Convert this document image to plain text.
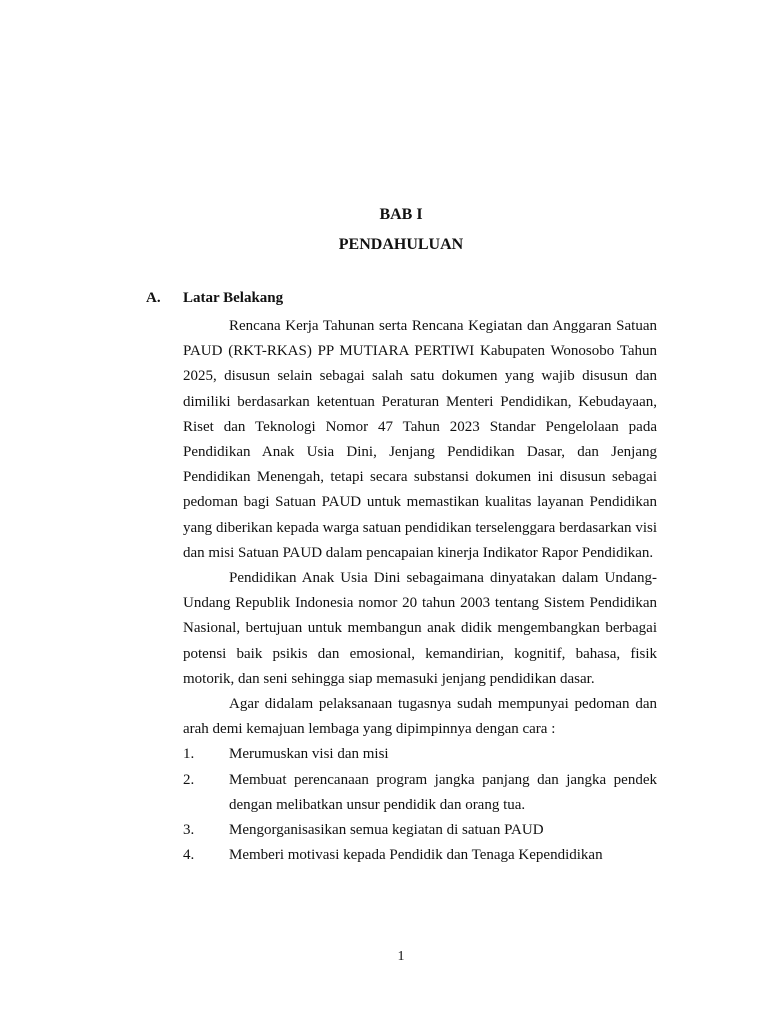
BAB I
PENDAHULUAN
A. Latar Belakang

Rencana Kerja Tahunan serta Rencana Kegiatan dan Anggaran Satuan PAUD (RKT-RKAS) PP MUTIARA PERTIWI Kabupaten Wonosobo Tahun 2025, disusun selain sebagai salah satu dokumen yang wajib disusun dan dimiliki berdasarkan ketentuan Peraturan Menteri Pendidikan, Kebudayaan, Riset dan Teknologi Nomor 47 Tahun 2023 Standar Pengelolaan pada Pendidikan Anak Usia Dini, Jenjang Pendidikan Dasar, dan Jenjang Pendidikan Menengah, tetapi secara substansi dokumen ini disusun sebagai pedoman bagi Satuan PAUD untuk memastikan kualitas layanan Pendidikan yang diberikan kepada warga satuan pendidikan terselenggara berdasarkan visi dan misi Satuan PAUD dalam pencapaian kinerja Indikator Rapor Pendidikan.

Pendidikan Anak Usia Dini sebagaimana dinyatakan dalam Undang-Undang Republik Indonesia nomor 20 tahun 2003 tentang Sistem Pendidikan Nasional, bertujuan untuk membangun anak didik mengembangkan berbagai potensi baik psikis dan emosional, kemandirian, kognitif, bahasa, fisik motorik, dan seni sehingga siap memasuki jenjang pendidikan dasar.

Agar didalam pelaksanaan tugasnya sudah mempunyai pedoman dan arah demi kemajuan lembaga yang dipimpinnya dengan cara :

1. Merumuskan visi dan misi
2. Membuat perencanaan program jangka panjang dan jangka pendek dengan melibatkan unsur pendidik dan orang tua.
3. Mengorganisasikan semua kegiatan di satuan PAUD
4. Memberi motivasi kepada Pendidik dan Tenaga Kependidikan
1
